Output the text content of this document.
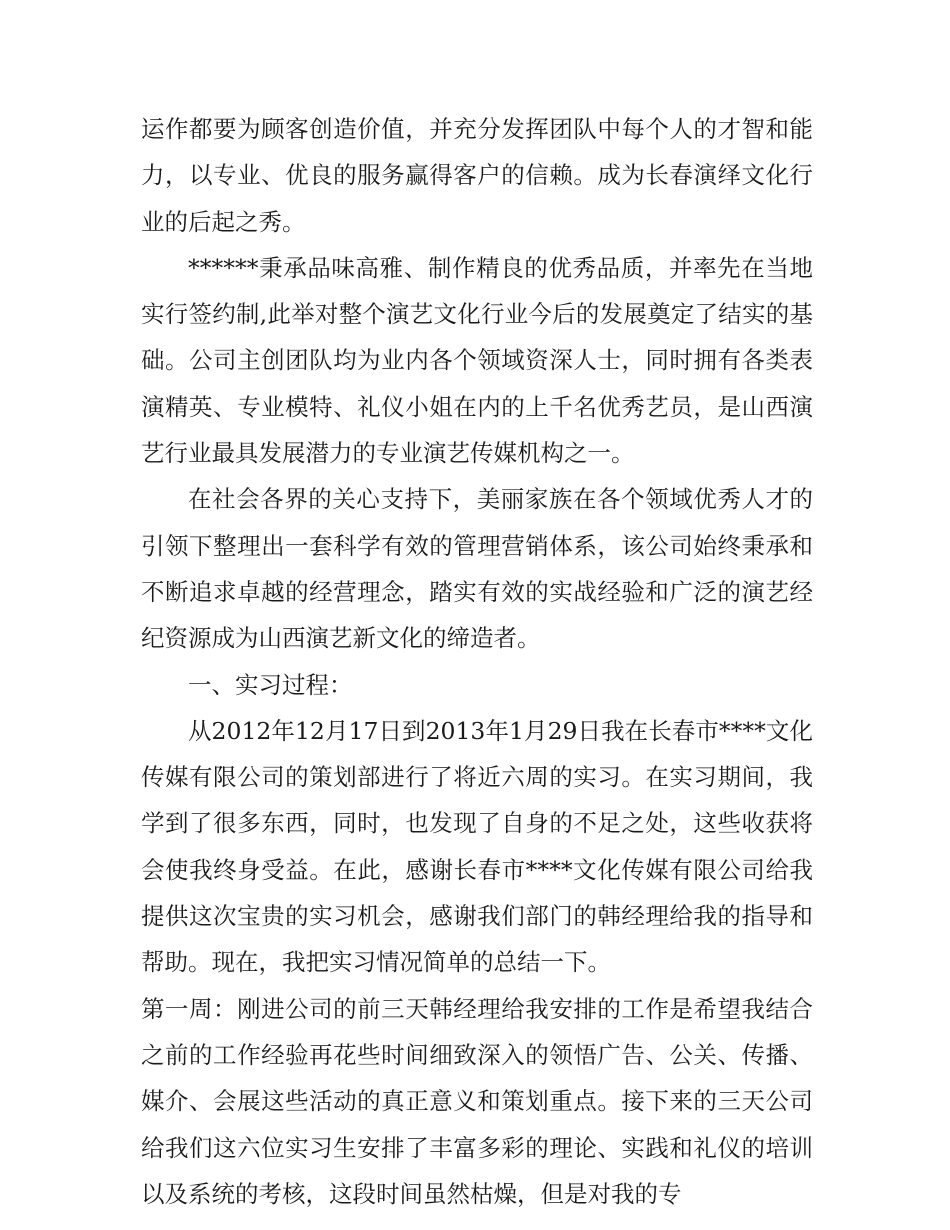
运作都要为顾客创造价值，并充分发挥团队中每个人的才智和能力，以专业、优良的服务赢得客户的信赖。成为长春演绎文化行业的后起之秀。

******秉承品味高雅、制作精良的优秀品质，并率先在当地实行签约制,此举对整个演艺文化行业今后的发展奠定了结实的基础。公司主创团队均为业内各个领域资深人士，同时拥有各类表演精英、专业模特、礼仪小姐在内的上千名优秀艺员，是山西演艺行业最具发展潜力的专业演艺传媒机构之一。

在社会各界的关心支持下，美丽家族在各个领域优秀人才的引领下整理出一套科学有效的管理营销体系，该公司始终秉承和不断追求卓越的经营理念，踏实有效的实战经验和广泛的演艺经纪资源成为山西演艺新文化的缔造者。

一、实习过程：

从2012年12月17日到2013年1月29日我在长春市****文化传媒有限公司的策划部进行了将近六周的实习。在实习期间，我学到了很多东西，同时，也发现了自身的不足之处，这些收获将会使我终身受益。在此，感谢长春市****文化传媒有限公司给我提供这次宝贵的实习机会，感谢我们部门的韩经理给我的指导和帮助。现在，我把实习情况简单的总结一下。

第一周：刚进公司的前三天韩经理给我安排的工作是希望我结合之前的工作经验再花些时间细致深入的领悟广告、公关、传播、媒介、会展这些活动的真正意义和策划重点。接下来的三天公司给我们这六位实习生安排了丰富多彩的理论、实践和礼仪的培训以及系统的考核，这段时间虽然枯燥，但是对我的专
